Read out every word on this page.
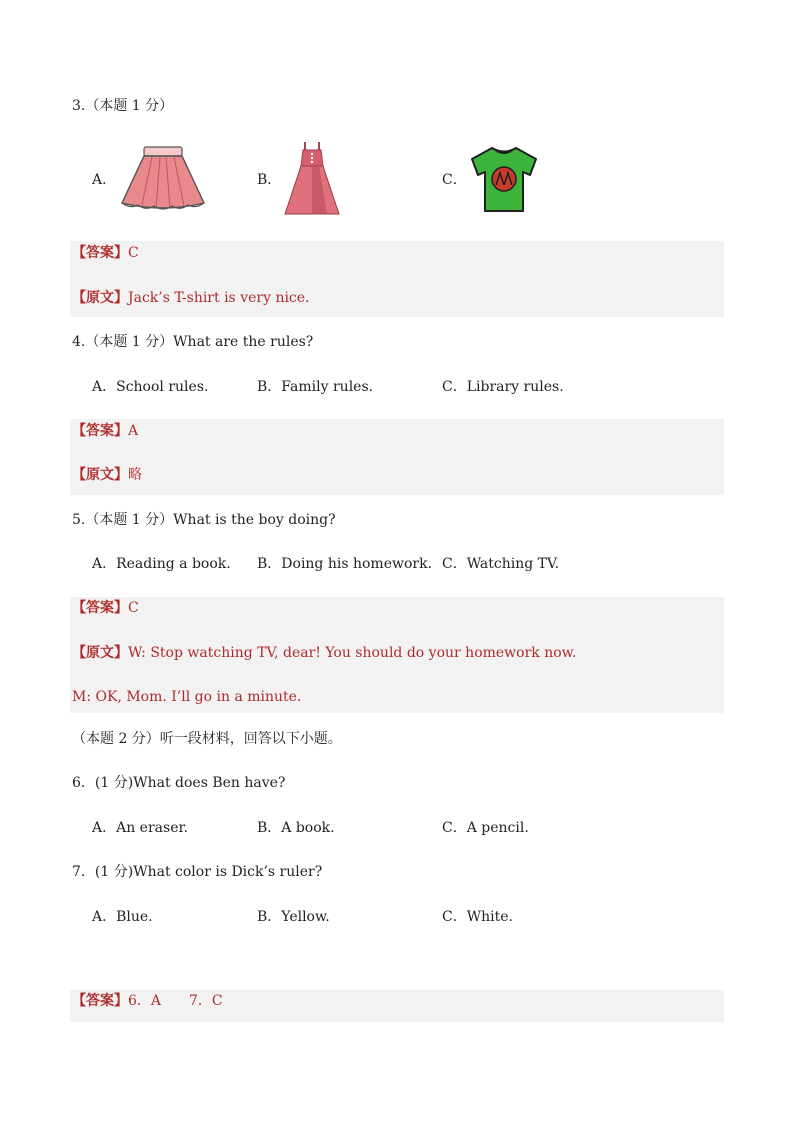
3.（本题 1 分）
A．	B．	C．
【答案】C
【原文】Jack’s T-shirt is very nice.
4.（本题 1 分）What are the rules?
A．School rules.	B．Family rules.	C．Library rules.
【答案】A
【原文】略
5.（本题 1 分）What is the boy doing?
A．Reading a book. B．Doing his homework. C．Watching TV.
【答案】C
【原文】W: Stop watching TV, dear! You should do your homework now.
M: OK, Mom. I’ll go in a minute.
（本题 2 分）听一段材料，回答以下小题。
6．(1 分)What does Ben have?
A．An eraser.	B．A book.	C．A pencil.
7．(1 分)What color is Dick’s ruler?
A．Blue.	B．Yellow.	C．White.
【答案】6．A　　7．C
